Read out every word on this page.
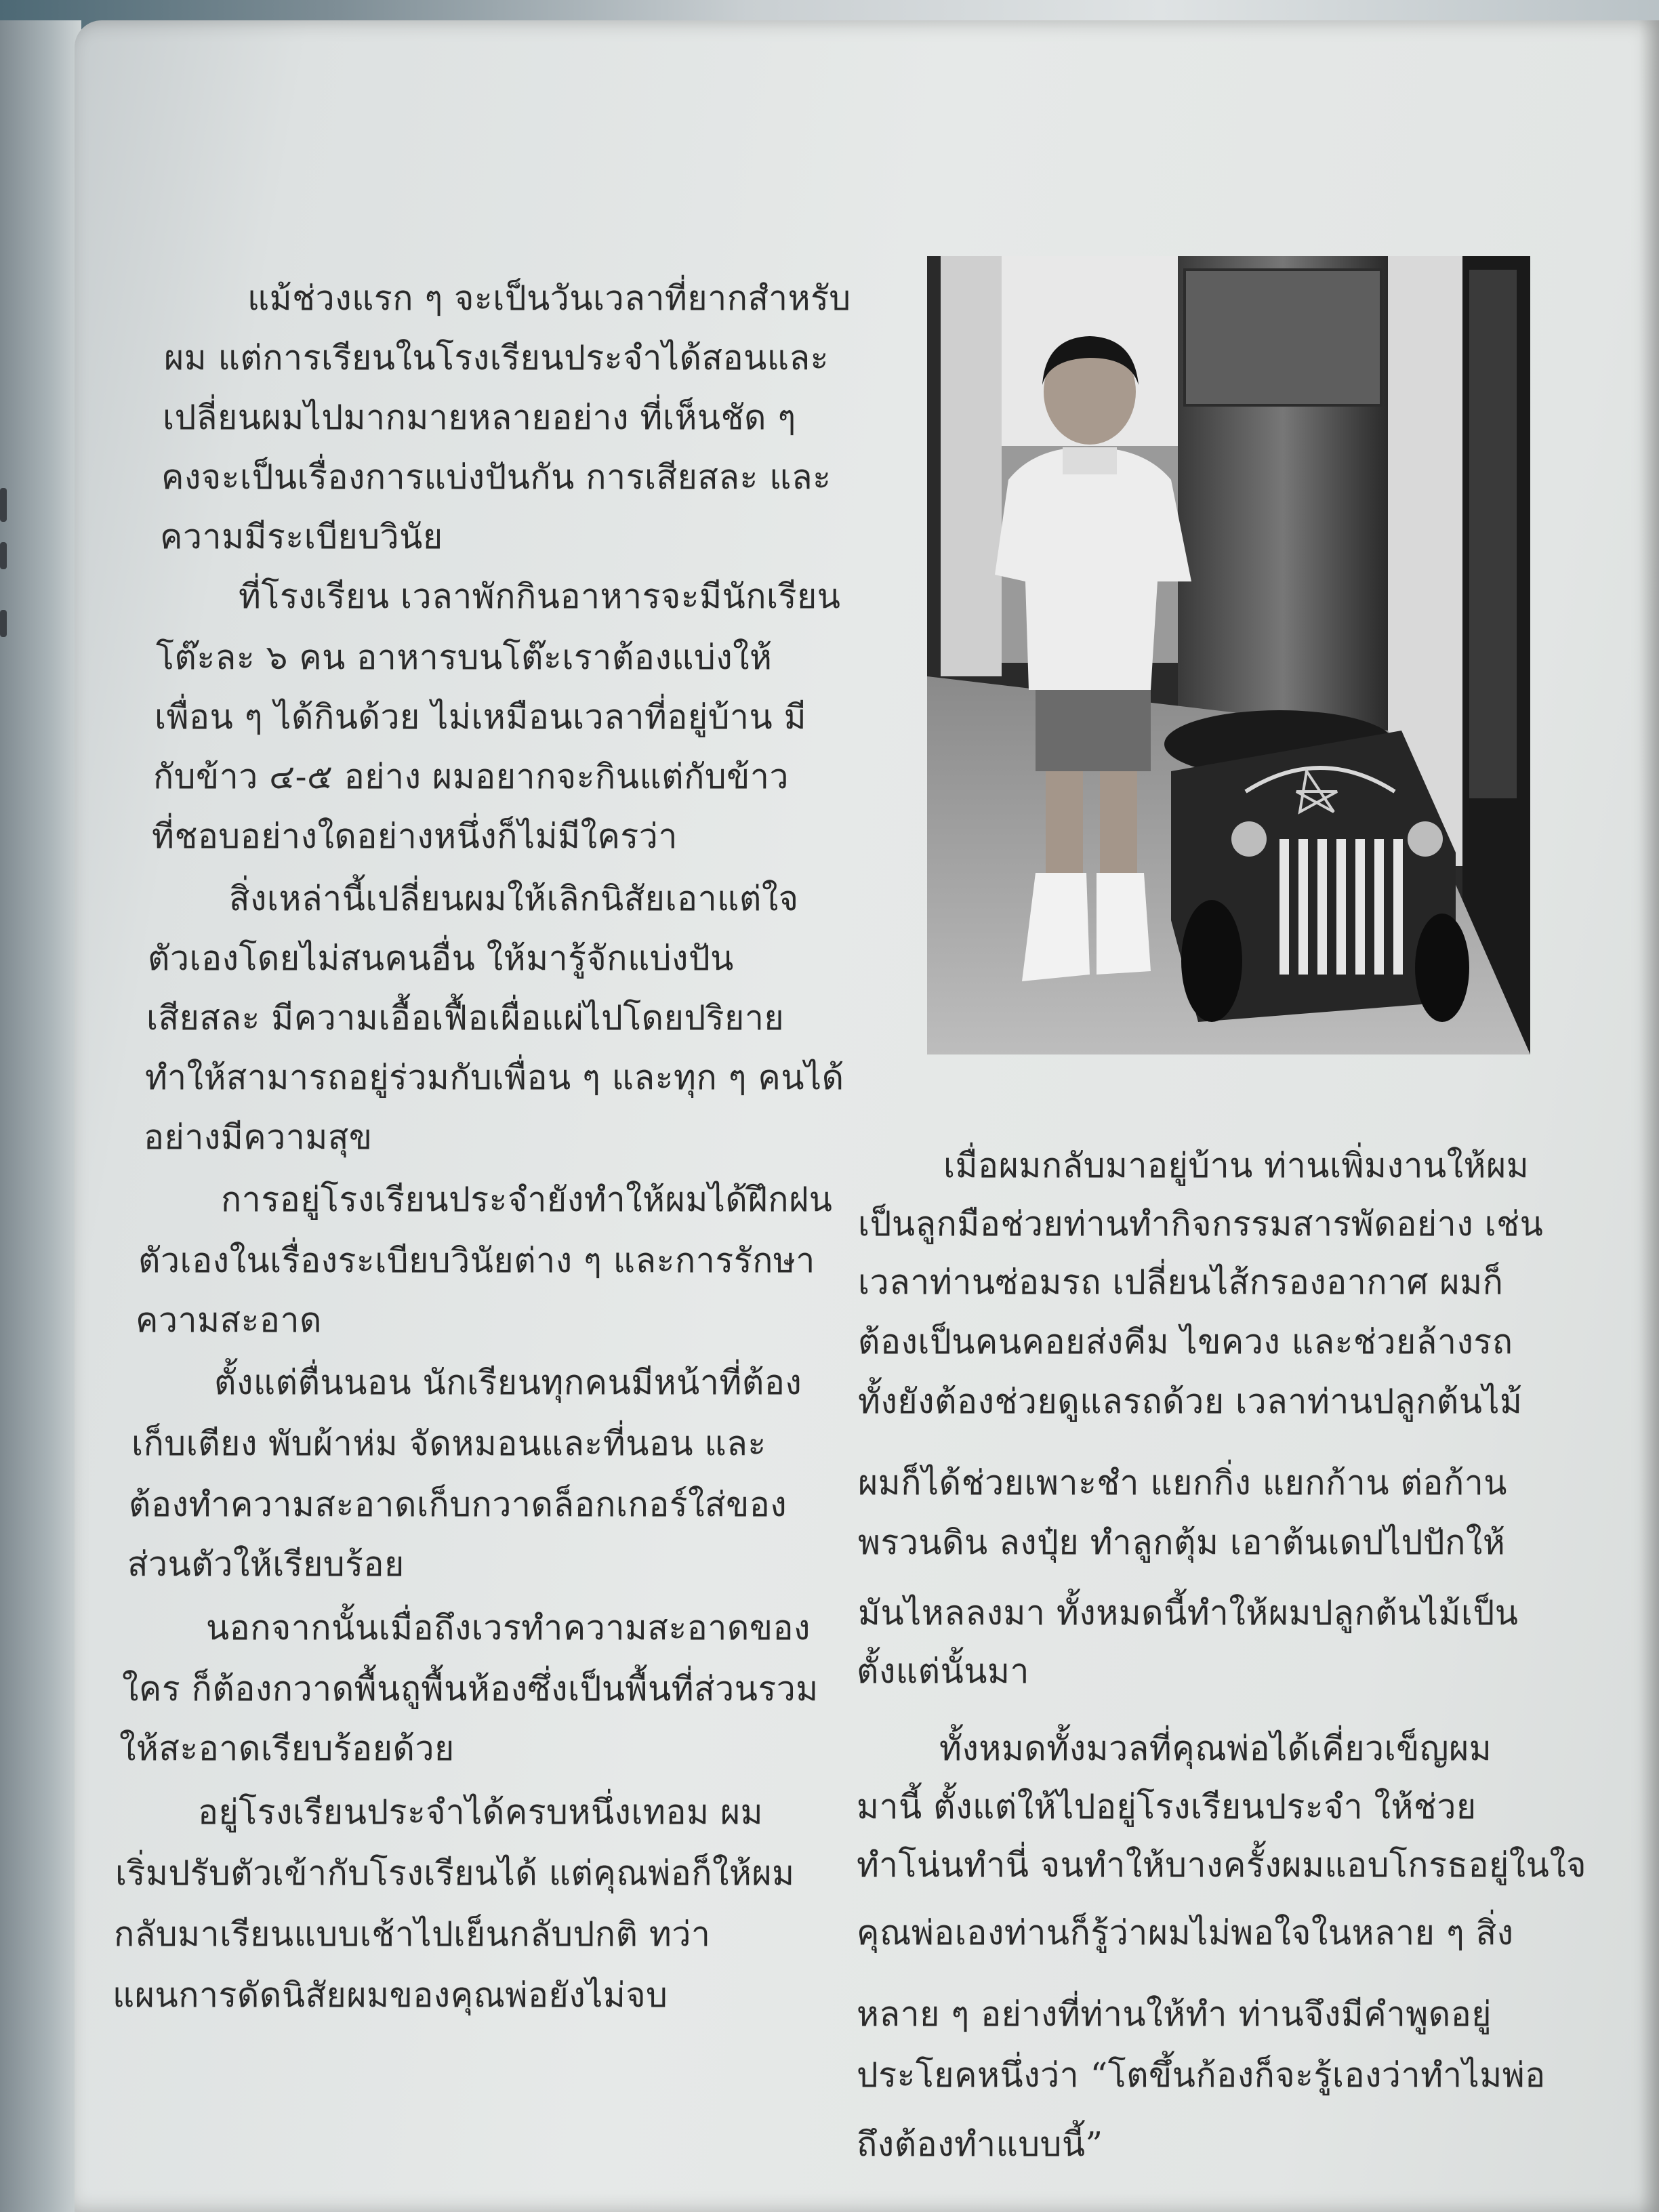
แม้ช่วงแรก ๆ จะเป็นวันเวลาที่ยากสำหรับ
ผม แต่การเรียนในโรงเรียนประจำได้สอนและ
เปลี่ยนผมไปมากมายหลายอย่าง ที่เห็นชัด ๆ
คงจะเป็นเรื่องการแบ่งปันกัน การเสียสละ และ
ความมีระเบียบวินัย
ที่โรงเรียน เวลาพักกินอาหารจะมีนักเรียน
โต๊ะละ ๖ คน อาหารบนโต๊ะเราต้องแบ่งให้
เพื่อน ๆ ได้กินด้วย ไม่เหมือนเวลาที่อยู่บ้าน มี
กับข้าว ๔-๕ อย่าง ผมอยากจะกินแต่กับข้าว
ที่ชอบอย่างใดอย่างหนึ่งก็ไม่มีใครว่า
สิ่งเหล่านี้เปลี่ยนผมให้เลิกนิสัยเอาแต่ใจ
ตัวเองโดยไม่สนคนอื่น ให้มารู้จักแบ่งปัน
เสียสละ มีความเอื้อเฟื้อเผื่อแผ่ไปโดยปริยาย
ทำให้สามารถอยู่ร่วมกับเพื่อน ๆ และทุก ๆ คนได้
อย่างมีความสุข
การอยู่โรงเรียนประจำยังทำให้ผมได้ฝึกฝน
ตัวเองในเรื่องระเบียบวินัยต่าง ๆ และการรักษา
ความสะอาด
ตั้งแต่ตื่นนอน นักเรียนทุกคนมีหน้าที่ต้อง
เก็บเตียง พับผ้าห่ม จัดหมอนและที่นอน และ
ต้องทำความสะอาดเก็บกวาดล็อกเกอร์ใส่ของ
ส่วนตัวให้เรียบร้อย
นอกจากนั้นเมื่อถึงเวรทำความสะอาดของ
ใคร ก็ต้องกวาดพื้นถูพื้นห้องซึ่งเป็นพื้นที่ส่วนรวม
ให้สะอาดเรียบร้อยด้วย
อยู่โรงเรียนประจำได้ครบหนึ่งเทอม ผม
เริ่มปรับตัวเข้ากับโรงเรียนได้ แต่คุณพ่อก็ให้ผม
กลับมาเรียนแบบเช้าไปเย็นกลับปกติ ทว่า
แผนการดัดนิสัยผมของคุณพ่อยังไม่จบ
เมื่อผมกลับมาอยู่บ้าน ท่านเพิ่มงานให้ผม
เป็นลูกมือช่วยท่านทำกิจกรรมสารพัดอย่าง เช่น
เวลาท่านซ่อมรถ เปลี่ยนไส้กรองอากาศ ผมก็
ต้องเป็นคนคอยส่งคีม ไขควง และช่วยล้างรถ
ทั้งยังต้องช่วยดูแลรถด้วย เวลาท่านปลูกต้นไม้
ผมก็ได้ช่วยเพาะชำ แยกกิ่ง แยกก้าน ต่อก้าน
พรวนดิน ลงปุ๋ย ทำลูกตุ้ม เอาต้นเดปไปปักให้
มันไหลลงมา ทั้งหมดนี้ทำให้ผมปลูกต้นไม้เป็น
ตั้งแต่นั้นมา
ทั้งหมดทั้งมวลที่คุณพ่อได้เคี่ยวเข็ญผม
มานี้ ตั้งแต่ให้ไปอยู่โรงเรียนประจำ ให้ช่วย
ทำโน่นทำนี่ จนทำให้บางครั้งผมแอบโกรธอยู่ในใจ
คุณพ่อเองท่านก็รู้ว่าผมไม่พอใจในหลาย ๆ สิ่ง
หลาย ๆ อย่างที่ท่านให้ทำ ท่านจึงมีคำพูดอยู่
ประโยคหนึ่งว่า “โตขึ้นก้องก็จะรู้เองว่าทำไมพ่อ
ถึงต้องทำแบบนี้”
